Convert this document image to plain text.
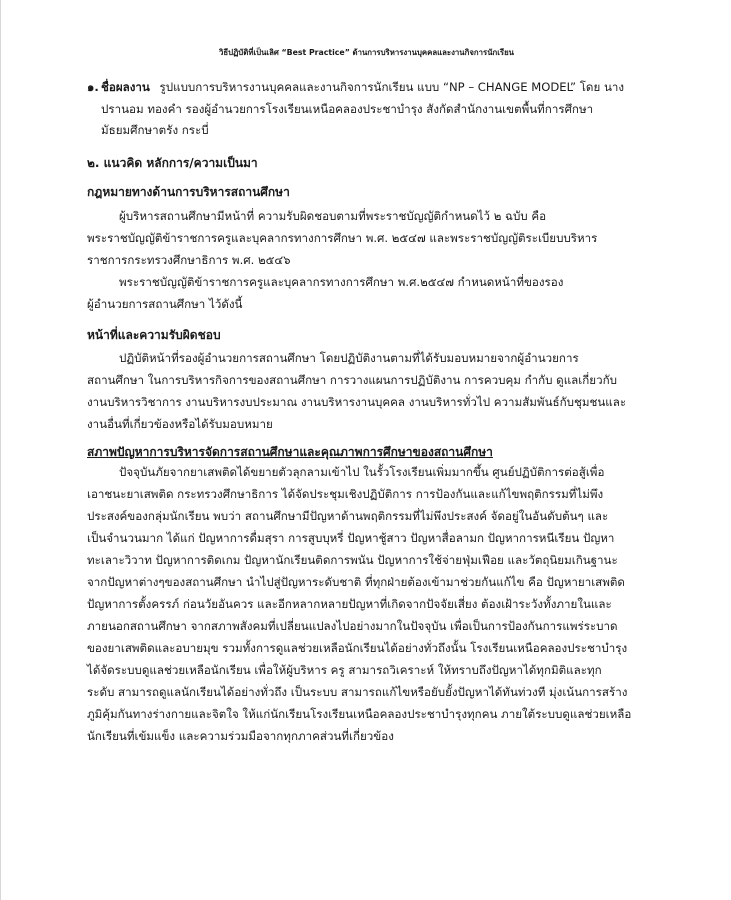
วิธีปฏิบัติที่เป็นเลิศ “Best Practice” ด้านการบริหารงานบุคคลและงานกิจการนักเรียน
๑. ชื่อผลงาน รูปแบบการบริหารงานบุคคลและงานกิจการนักเรียน แบบ “NP – CHANGE MODEL” โดย นาง
ปรานอม ทองคำ รองผู้อำนวยการโรงเรียนเหนือคลองประชาบำรุง สังกัดสำนักงานเขตพื้นที่การศึกษา
มัธยมศึกษาตรัง กระบี่
๒. แนวคิด หลักการ/ความเป็นมา
กฎหมายทางด้านการบริหารสถานศึกษา
ผู้บริหารสถานศึกษามีหน้าที่ ความรับผิดชอบตามที่พระราชบัญญัติกำหนดไว้ ๒ ฉบับ คือ
พระราชบัญญัติข้าราชการครูและบุคลากรทางการศึกษา พ.ศ. ๒๕๔๗ และพระราชบัญญัติระเบียบบริหาร
ราชการกระทรวงศึกษาธิการ พ.ศ. ๒๕๔๖
พระราชบัญญัติข้าราชการครูและบุคลากรทางการศึกษา พ.ศ.๒๕๔๗ กำหนดหน้าที่ของรอง
ผู้อำนวยการสถานศึกษา ไว้ดังนี้
หน้าที่และความรับผิดชอบ
ปฏิบัติหน้าที่รองผู้อำนวยการสถานศึกษา โดยปฏิบัติงานตามที่ได้รับมอบหมายจากผู้อำนวยการ
สถานศึกษา ในการบริหารกิจการของสถานศึกษา การวางแผนการปฏิบัติงาน การควบคุม กำกับ ดูแลเกี่ยวกับ
งานบริหารวิชาการ งานบริหารงบประมาณ งานบริหารงานบุคคล งานบริหารทั่วไป ความสัมพันธ์กับชุมชนและ
งานอื่นที่เกี่ยวข้องหรือได้รับมอบหมาย
สภาพปัญหาการบริหารจัดการสถานศึกษาและคุณภาพการศึกษาของสถานศึกษา
ปัจจุบันภัยจากยาเสพติดได้ขยายตัวลุกลามเข้าไป ในรั้วโรงเรียนเพิ่มมากขึ้น ศูนย์ปฏิบัติการต่อสู้เพื่อ
เอาชนะยาเสพติด กระทรวงศึกษาธิการ ได้จัดประชุมเชิงปฏิบัติการ การป้องกันและแก้ไขพฤติกรรมที่ไม่พึง
ประสงค์ของกลุ่มนักเรียน พบว่า สถานศึกษามีปัญหาด้านพฤติกรรมที่ไม่พึงประสงค์ จัดอยู่ในอันดับต้นๆ และ
เป็นจำนวนมาก ได้แก่ ปัญหาการดื่มสุรา การสูบบุหรี่ ปัญหาชู้สาว ปัญหาสื่อลามก ปัญหาการหนีเรียน ปัญหา
ทะเลาะวิวาท ปัญหาการติดเกม ปัญหานักเรียนติดการพนัน ปัญหาการใช้จ่ายฟุ่มเฟือย และวัตถุนิยมเกินฐานะ
จากปัญหาต่างๆของสถานศึกษา นำไปสู่ปัญหาระดับชาติ ที่ทุกฝ่ายต้องเข้ามาช่วยกันแก้ไข คือ ปัญหายาเสพติด
ปัญหาการตั้งครรภ์ ก่อนวัยอันควร และอีกหลากหลายปัญหาที่เกิดจากปัจจัยเสี่ยง ต้องเฝ้าระวังทั้งภายในและ
ภายนอกสถานศึกษา จากสภาพสังคมที่เปลี่ยนแปลงไปอย่างมากในปัจจุบัน เพื่อเป็นการป้องกันการแพร่ระบาด
ของยาเสพติดและอบายมุข รวมทั้งการดูแลช่วยเหลือนักเรียนได้อย่างทั่วถึงนั้น โรงเรียนเหนือคลองประชาบำรุง
ได้จัดระบบดูแลช่วยเหลือนักเรียน เพื่อให้ผู้บริหาร ครู สามารถวิเคราะห์ ให้ทราบถึงปัญหาได้ทุกมิติและทุก
ระดับ สามารถดูแลนักเรียนได้อย่างทั่วถึง เป็นระบบ สามารถแก้ไขหรือยับยั้งปัญหาได้ทันท่วงที มุ่งเน้นการสร้าง
ภูมิคุ้มกันทางร่างกายและจิตใจ ให้แก่นักเรียนโรงเรียนเหนือคลองประชาบำรุงทุกคน ภายใต้ระบบดูแลช่วยเหลือ
นักเรียนที่เข้มแข็ง และความร่วมมือจากทุกภาคส่วนที่เกี่ยวข้อง
